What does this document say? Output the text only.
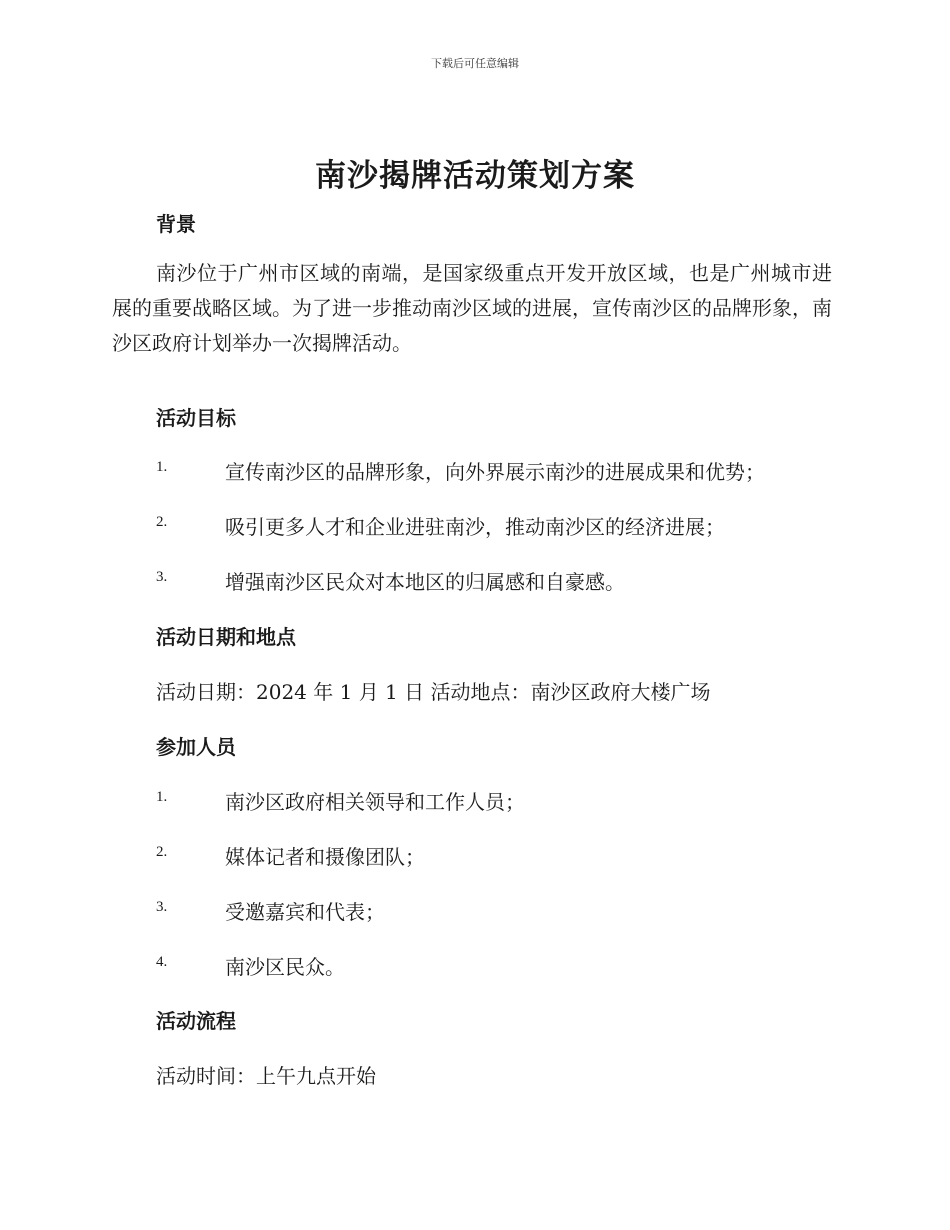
下载后可任意编辑
南沙揭牌活动策划方案
背景
南沙位于广州市区域的南端，是国家级重点开发开放区域，也是广州城市进展的重要战略区域。为了进一步推动南沙区域的进展，宣传南沙区的品牌形象，南沙区政府计划举办一次揭牌活动。
活动目标
1.	宣传南沙区的品牌形象，向外界展示南沙的进展成果和优势；
2.	吸引更多人才和企业进驻南沙，推动南沙区的经济进展；
3.	增强南沙区民众对本地区的归属感和自豪感。
活动日期和地点
活动日期：2024 年 1 月 1 日 活动地点：南沙区政府大楼广场
参加人员
1.	南沙区政府相关领导和工作人员；
2.	媒体记者和摄像团队；
3.	受邀嘉宾和代表；
4.	南沙区民众。
活动流程
活动时间：上午九点开始
